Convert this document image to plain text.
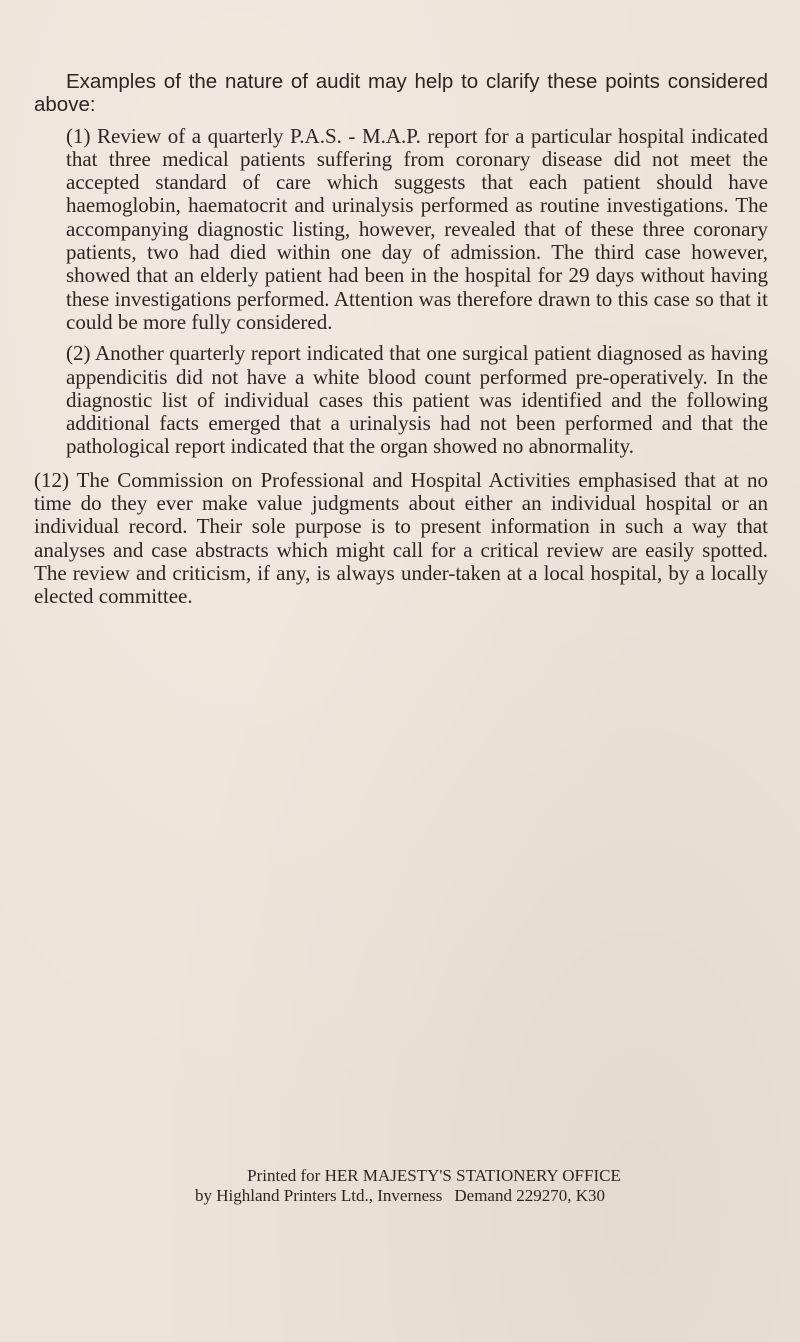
Examples of the nature of audit may help to clarify these points considered above:

(1) Review of a quarterly P.A.S. - M.A.P. report for a particular hospital indicated that three medical patients suffering from coronary disease did not meet the accepted standard of care which suggests that each patient should have haemoglobin, haematocrit and urinalysis performed as routine investigations. The accompanying diagnostic listing, however, revealed that of these three coronary patients, two had died within one day of admission. The third case however, showed that an elderly patient had been in the hospital for 29 days without having these investigations performed. Attention was therefore drawn to this case so that it could be more fully considered.

(2) Another quarterly report indicated that one surgical patient diagnosed as having appendicitis did not have a white blood count performed pre-operatively. In the diagnostic list of individual cases this patient was identified and the following additional facts emerged that a urinalysis had not been performed and that the pathological report indicated that the organ showed no abnormality.

(12) The Commission on Professional and Hospital Activities emphasised that at no time do they ever make value judgments about either an individual hospital or an individual record. Their sole purpose is to present information in such a way that analyses and case abstracts which might call for a critical review are easily spotted. The review and criticism, if any, is always under-taken at a local hospital, by a locally elected committee.

Printed for HER MAJESTY'S STATIONERY OFFICE

by Highland Printers Ltd., Inverness Demand 229270, K30
